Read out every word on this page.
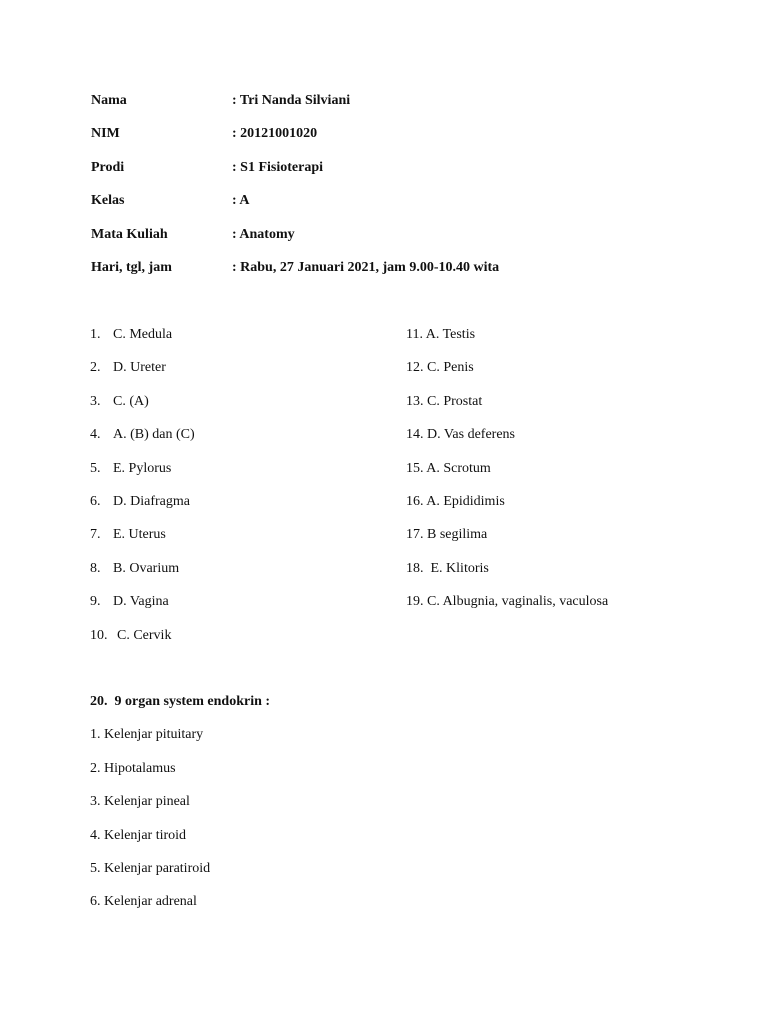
Nama	: Tri Nanda Silviani
NIM	: 20121001020
Prodi	: S1 Fisioterapi
Kelas	: A
Mata Kuliah	: Anatomy
Hari, tgl, jam	: Rabu, 27 Januari 2021, jam 9.00-10.40 wita
1. C. Medula
2. D. Ureter
3. C. (A)
4. A. (B) dan (C)
5. E. Pylorus
6. D. Diafragma
7. E. Uterus
8. B. Ovarium
9. D. Vagina
10. C. Cervik
11. A. Testis
12. C. Penis
13. C. Prostat
14. D. Vas deferens
15. A. Scrotum
16. A. Epididimis
17. B segilima
18.  E. Klitoris
19. C. Albugnia, vaginalis, vaculosa
20.  9 organ system endokrin :
1. Kelenjar pituitary
2. Hipotalamus
3. Kelenjar pineal
4. Kelenjar tiroid
5. Kelenjar paratiroid
6. Kelenjar adrenal
